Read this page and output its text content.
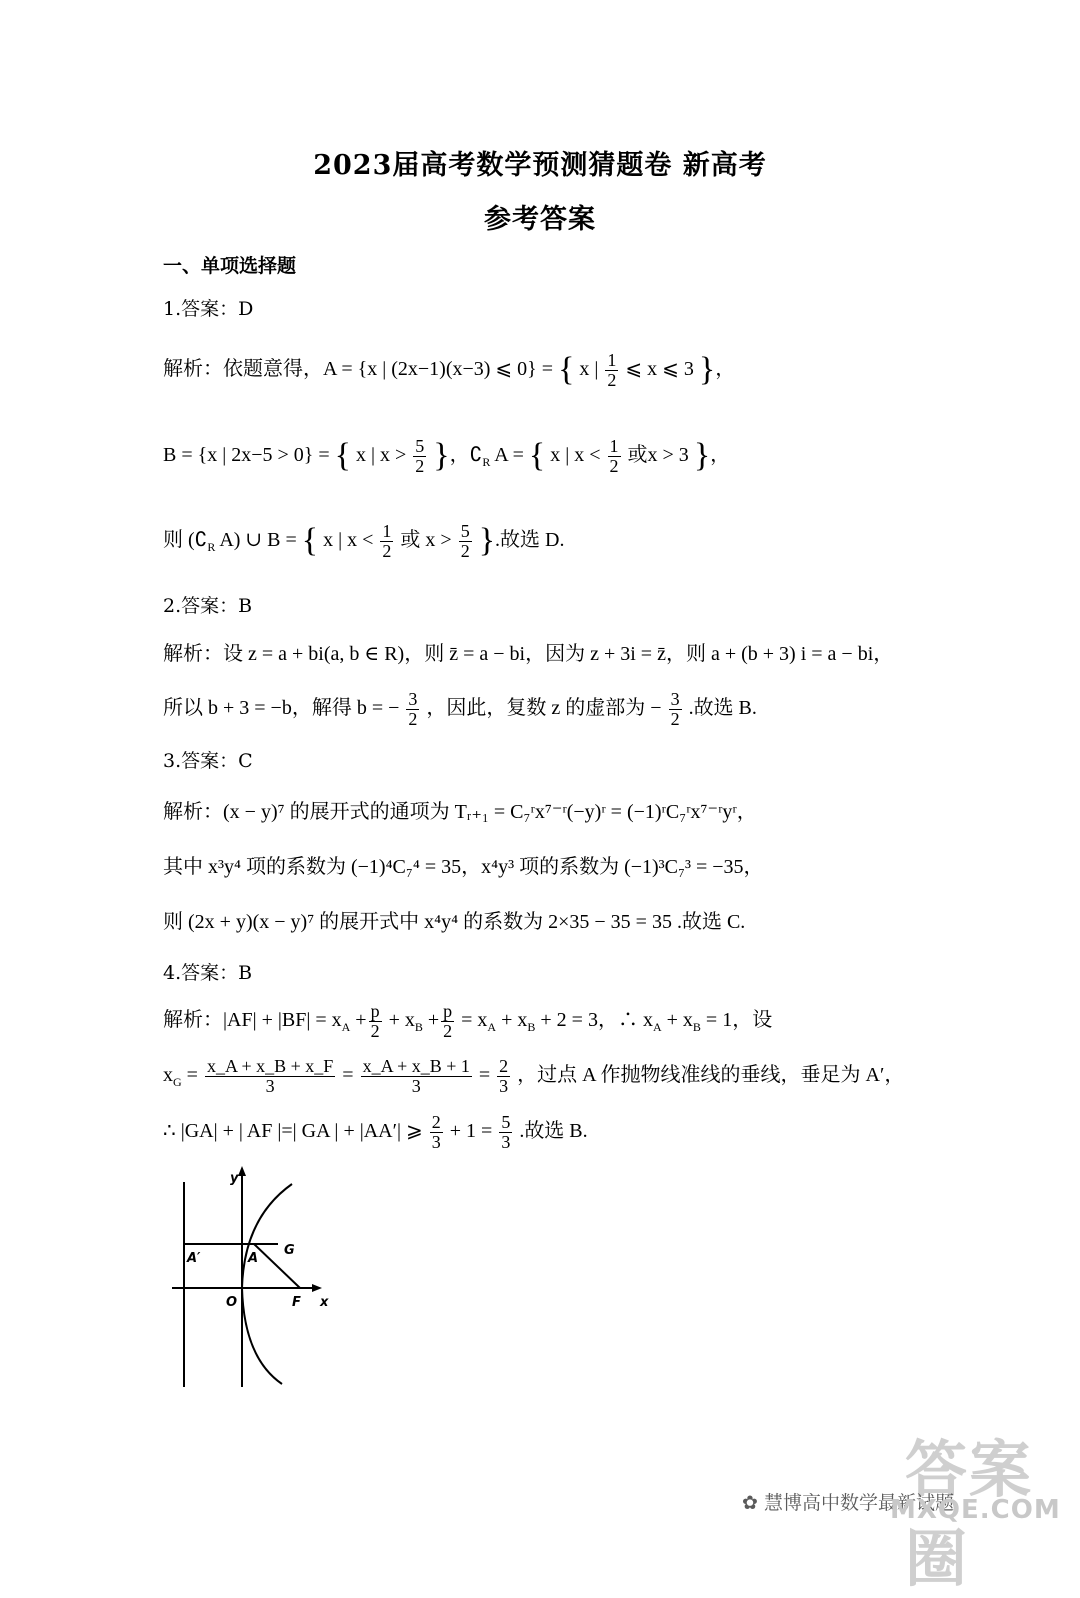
2023届高考数学预测猜题卷 新高考
参考答案
一、单项选择题
1.答案：D
解析：依题意得，A = {x | (2x−1)(x−3) ⩽ 0} = { x | $\frac{1}{2}$ ⩽ x ⩽ 3 }，
B = {x | 2x−5 > 0} = { x | $x > \frac{5}{2}$ }，$∁_R$ A = { x | $x < \frac{1}{2}$ 或x > 3 }，
则 ($∁_R$ A) ∪ B = { x | $x < \frac{1}{2}$ 或 $x > \frac{5}{2}$ }.故选 D.
2.答案：B
解析：设 z = a + bi(a, b ∈ R)，则 z̄ = a − bi，因为 z + 3i = z̄，则 a + (b + 3) i = a − bi，
所以 b + 3 = −b，解得 b = − $\frac{3}{2}$ ，因此，复数 z 的虚部为 − $\frac{3}{2}$ .故选 B.
3.答案：C
解析：(x − y)⁷ 的展开式的通项为 Tᵣ₊₁ = C₇ʳx⁷⁻ʳ(−y)ʳ = (−1)ʳC₇ʳx⁷⁻ʳyʳ，
其中 x³y⁴ 项的系数为 (−1)⁴C₇⁴ = 35，x⁴y³ 项的系数为 (−1)³C₇³ = −35，
则 (2x + y)(x − y)⁷ 的展开式中 x⁴y⁴ 的系数为 2×35 − 35 = 35 .故选 C.
4.答案：B
解析：$|AF| + |BF| = x_A + \frac{p}{2} + x_B + \frac{p}{2} = x_A + x_B + 2 = 3$，∴ $x_A + x_B = 1$，设
$x_G = \frac{x\_A + x\_B + x\_F}{3} = \frac{x\_A + x\_B + 1}{3} = \frac{2}{3}$ ，过点 A 作抛物线准线的垂线，垂足为 A′，
∴ |GA| + | AF |=| GA | + |AA′| ⩾ $\frac{2}{3} + 1 = \frac{5}{3}$ .故选 B.
y
x
O	F
A
A′
G
答案圈
✿ 慧博高中数学最新试题
MXQE.COM
